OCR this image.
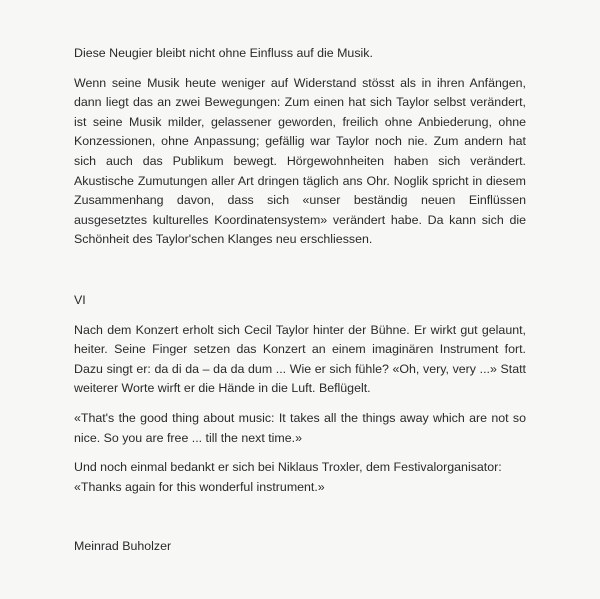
Diese Neugier bleibt nicht ohne Einfluss auf die Musik.

Wenn seine Musik heute weniger auf Widerstand stösst als in ihren Anfängen, dann liegt das an zwei Bewegungen: Zum einen hat sich Taylor selbst verändert, ist seine Musik milder, gelassener geworden, freilich ohne Anbiederung, ohne Konzessionen, ohne Anpassung; gefällig war Taylor noch nie. Zum andern hat sich auch das Publikum bewegt. Hörgewohnheiten haben sich verändert. Akustische Zumutungen aller Art dringen täglich ans Ohr. Noglik spricht in diesem Zusammenhang davon, dass sich «unser beständig neuen Einflüssen ausgesetztes kulturelles Koordinatensystem» verändert habe. Da kann sich die Schönheit des Taylor'schen Klanges neu erschliessen.

VI

Nach dem Konzert erholt sich Cecil Taylor hinter der Bühne. Er wirkt gut gelaunt, heiter. Seine Finger setzen das Konzert an einem imaginären Instrument fort. Dazu singt er: da di da – da da dum ... Wie er sich fühle? «Oh, very, very ...» Statt weiterer Worte wirft er die Hände in die Luft. Beflügelt.

«That's the good thing about music: It takes all the things away which are not so nice. So you are free ... till the next time.»

Und noch einmal bedankt er sich bei Niklaus Troxler, dem Festivalorganisator:
«Thanks again for this wonderful instrument.»

Meinrad Buholzer
